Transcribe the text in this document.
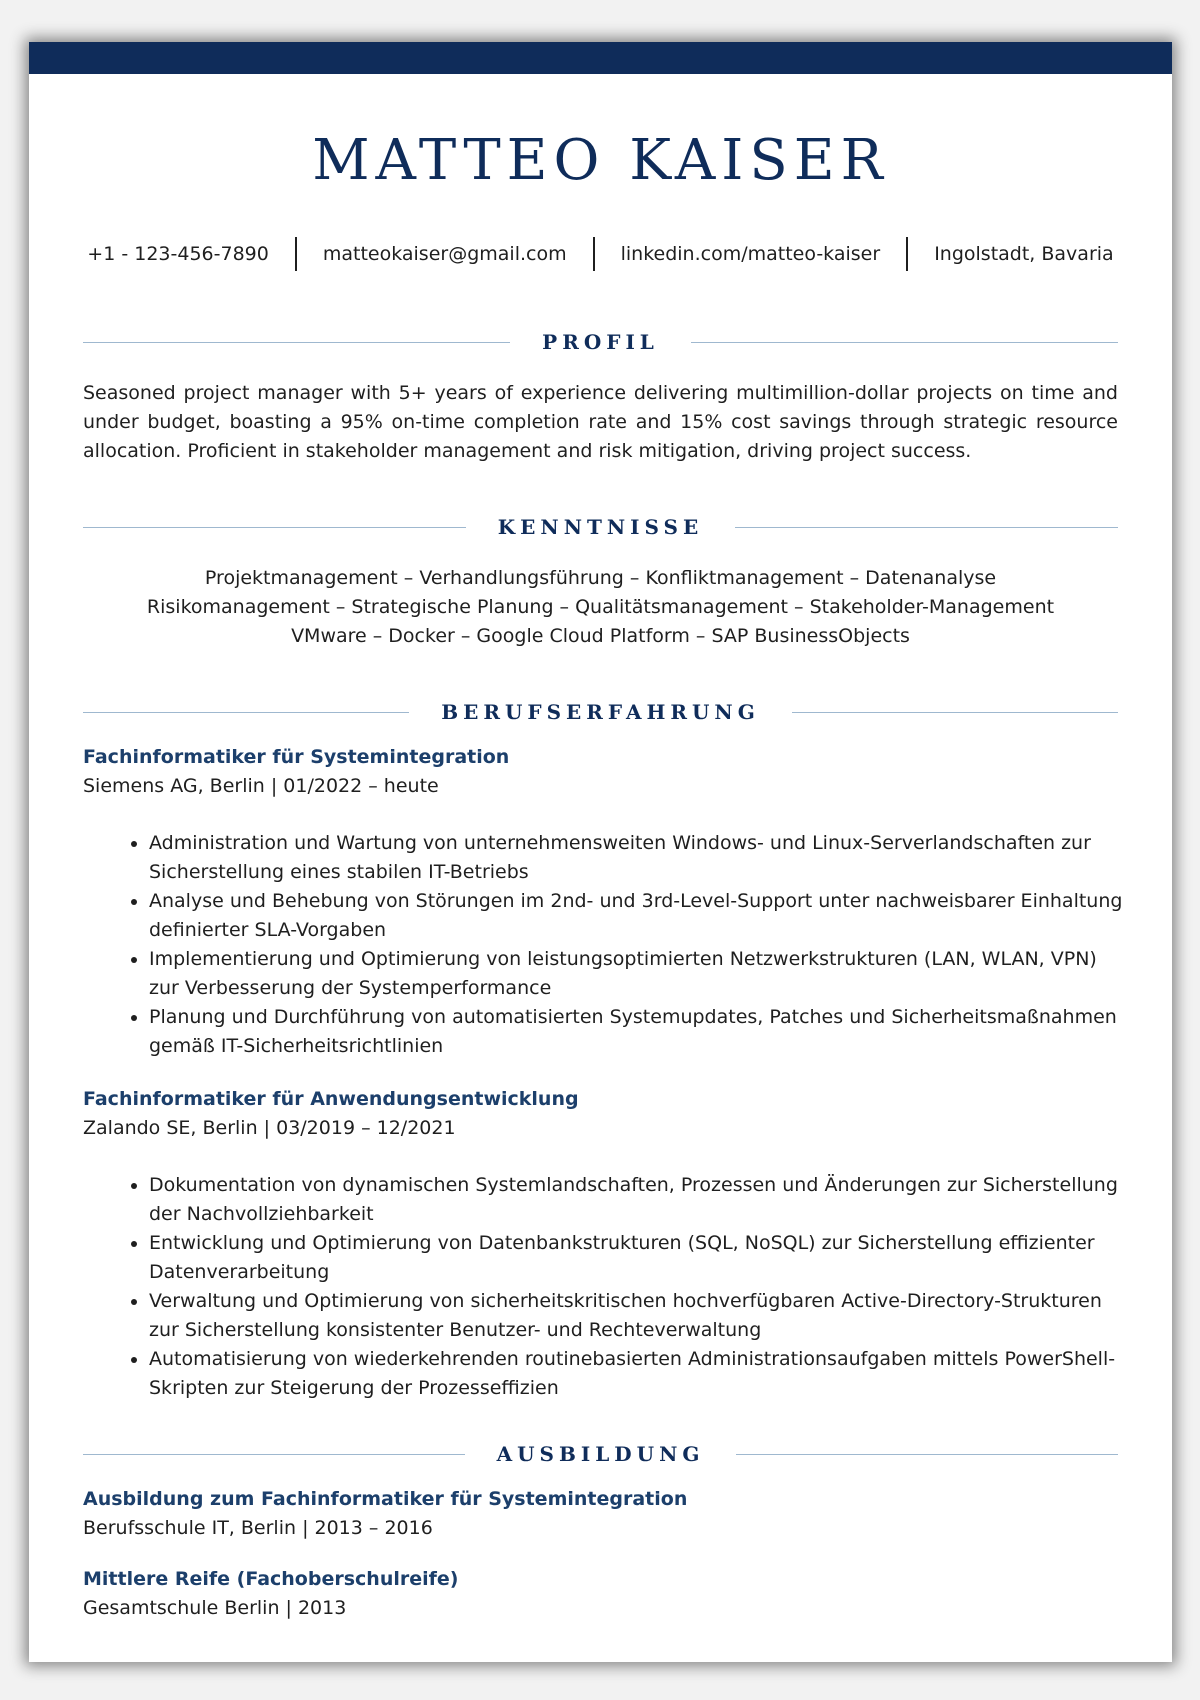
MATTEO KAISER
+1 - 123-456-7890	matteokaiser@gmail.com	linkedin.com/matteo-kaiser	Ingolstadt, Bavaria
PROFIL
Seasoned project manager with 5+ years of experience delivering multimillion-dollar projects on time and under budget, boasting a 95% on-time completion rate and 15% cost savings through strategic resource allocation. Proficient in stakeholder management and risk mitigation, driving project success.
KENNTNISSE
Projektmanagement – Verhandlungsführung – Konfliktmanagement – Datenanalyse
Risikomanagement – Strategische Planung – Qualitätsmanagement – Stakeholder-Management
VMware – Docker – Google Cloud Platform – SAP BusinessObjects
BERUFSERFAHRUNG
Fachinformatiker für Systemintegration
Siemens AG, Berlin | 01/2022 – heute
• Administration und Wartung von unternehmensweiten Windows- und Linux-Serverlandschaften zur Sicherstellung eines stabilen IT-Betriebs
• Analyse und Behebung von Störungen im 2nd- und 3rd-Level-Support unter nachweisbarer Einhaltung definierter SLA-Vorgaben
• Implementierung und Optimierung von leistungsoptimierten Netzwerkstrukturen (LAN, WLAN, VPN) zur Verbesserung der Systemperformance
• Planung und Durchführung von automatisierten Systemupdates, Patches und Sicherheitsmaßnahmen gemäß IT-Sicherheitsrichtlinien
Fachinformatiker für Anwendungsentwicklung
Zalando SE, Berlin | 03/2019 – 12/2021
• Dokumentation von dynamischen Systemlandschaften, Prozessen und Änderungen zur Sicherstellung der Nachvollziehbarkeit
• Entwicklung und Optimierung von Datenbankstrukturen (SQL, NoSQL) zur Sicherstellung effizienter Datenverarbeitung
• Verwaltung und Optimierung von sicherheitskritischen hochverfügbaren Active-Directory-Strukturen zur Sicherstellung konsistenter Benutzer- und Rechteverwaltung
• Automatisierung von wiederkehrenden routinebasierten Administrationsaufgaben mittels PowerShell-Skripten zur Steigerung der Prozesseffizien
AUSBILDUNG
Ausbildung zum Fachinformatiker für Systemintegration
Berufsschule IT, Berlin | 2013 – 2016
Mittlere Reife (Fachoberschulreife)
Gesamtschule Berlin | 2013
